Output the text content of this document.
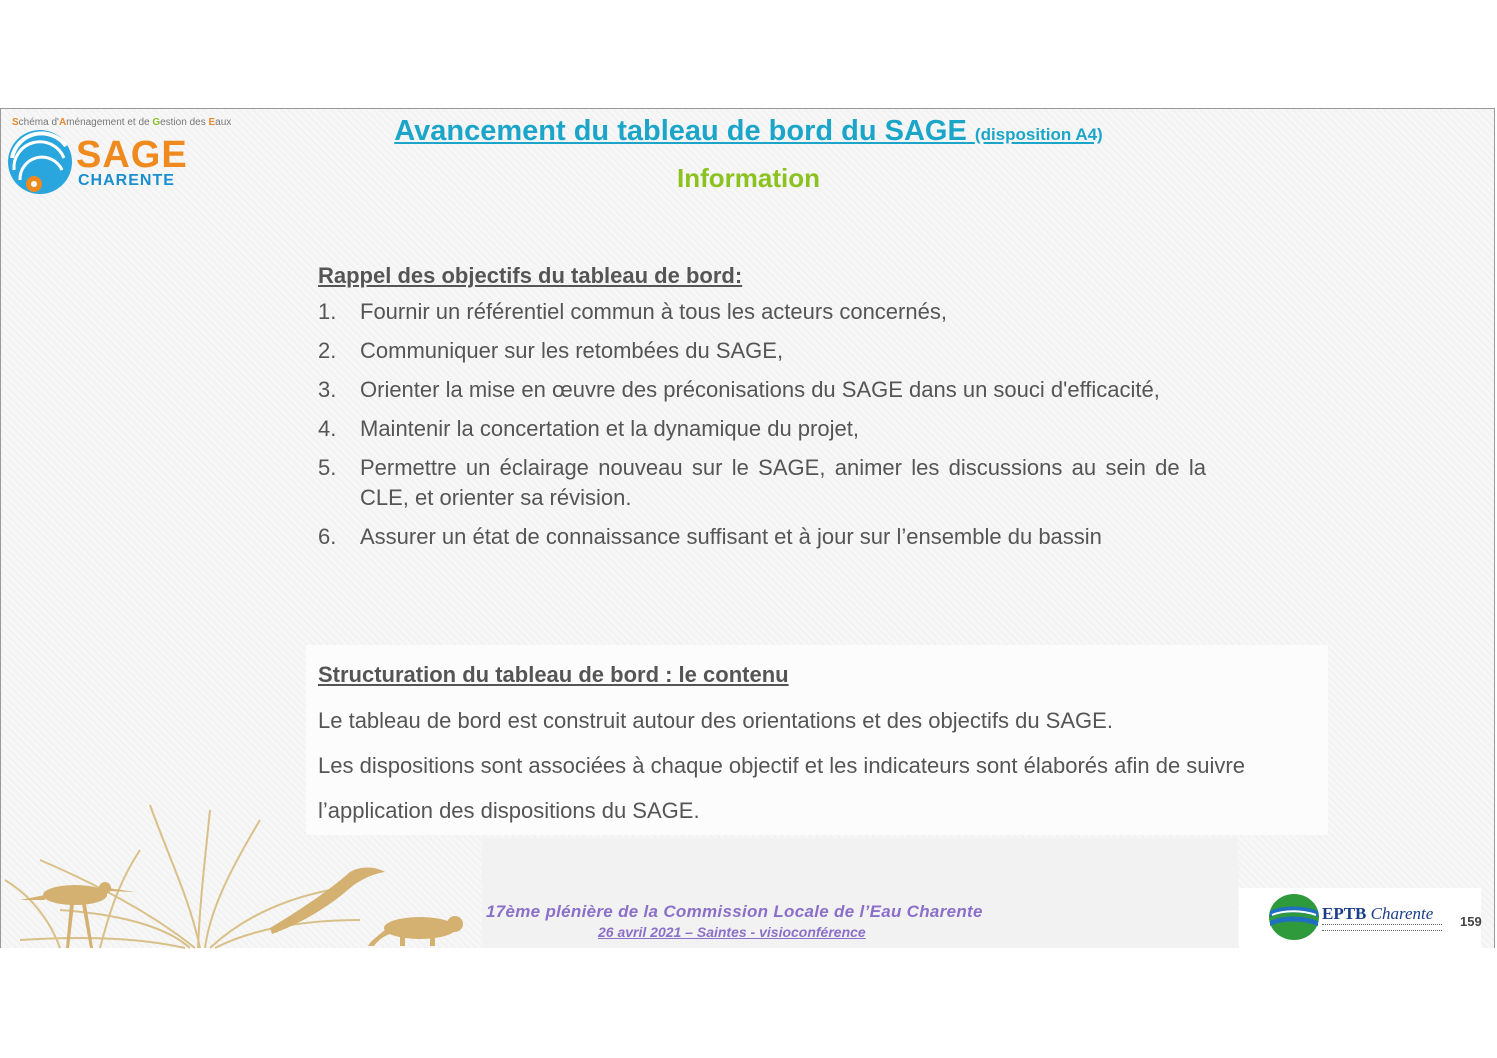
Schéma d'Aménagement et de Gestion des Eaux
SAGE
CHARENTE
Avancement du tableau de bord du SAGE (disposition A4)
Information
Rappel des objectifs du tableau de bord:
1.	Fournir un référentiel commun à tous les acteurs concernés,
2.	Communiquer sur les retombées du SAGE,
3.	Orienter la mise en œuvre des préconisations du SAGE dans un souci d'efficacité,
4.	Maintenir la concertation et la dynamique du projet,
5.	Permettre un éclairage nouveau sur le SAGE, animer les discussions au sein de la CLE, et orienter sa révision.
6.	Assurer un état de connaissance suffisant et à jour sur l’ensemble du bassin
Structuration du tableau de bord : le contenu
Le tableau de bord est construit autour des orientations et des objectifs du SAGE.
Les dispositions sont associées à chaque objectif et les indicateurs sont élaborés afin de suivre l’application des dispositions du SAGE.
17ème plénière de la Commission Locale de l’Eau Charente
26 avril 2021 – Saintes - visioconférence
EPTB Charente 159
